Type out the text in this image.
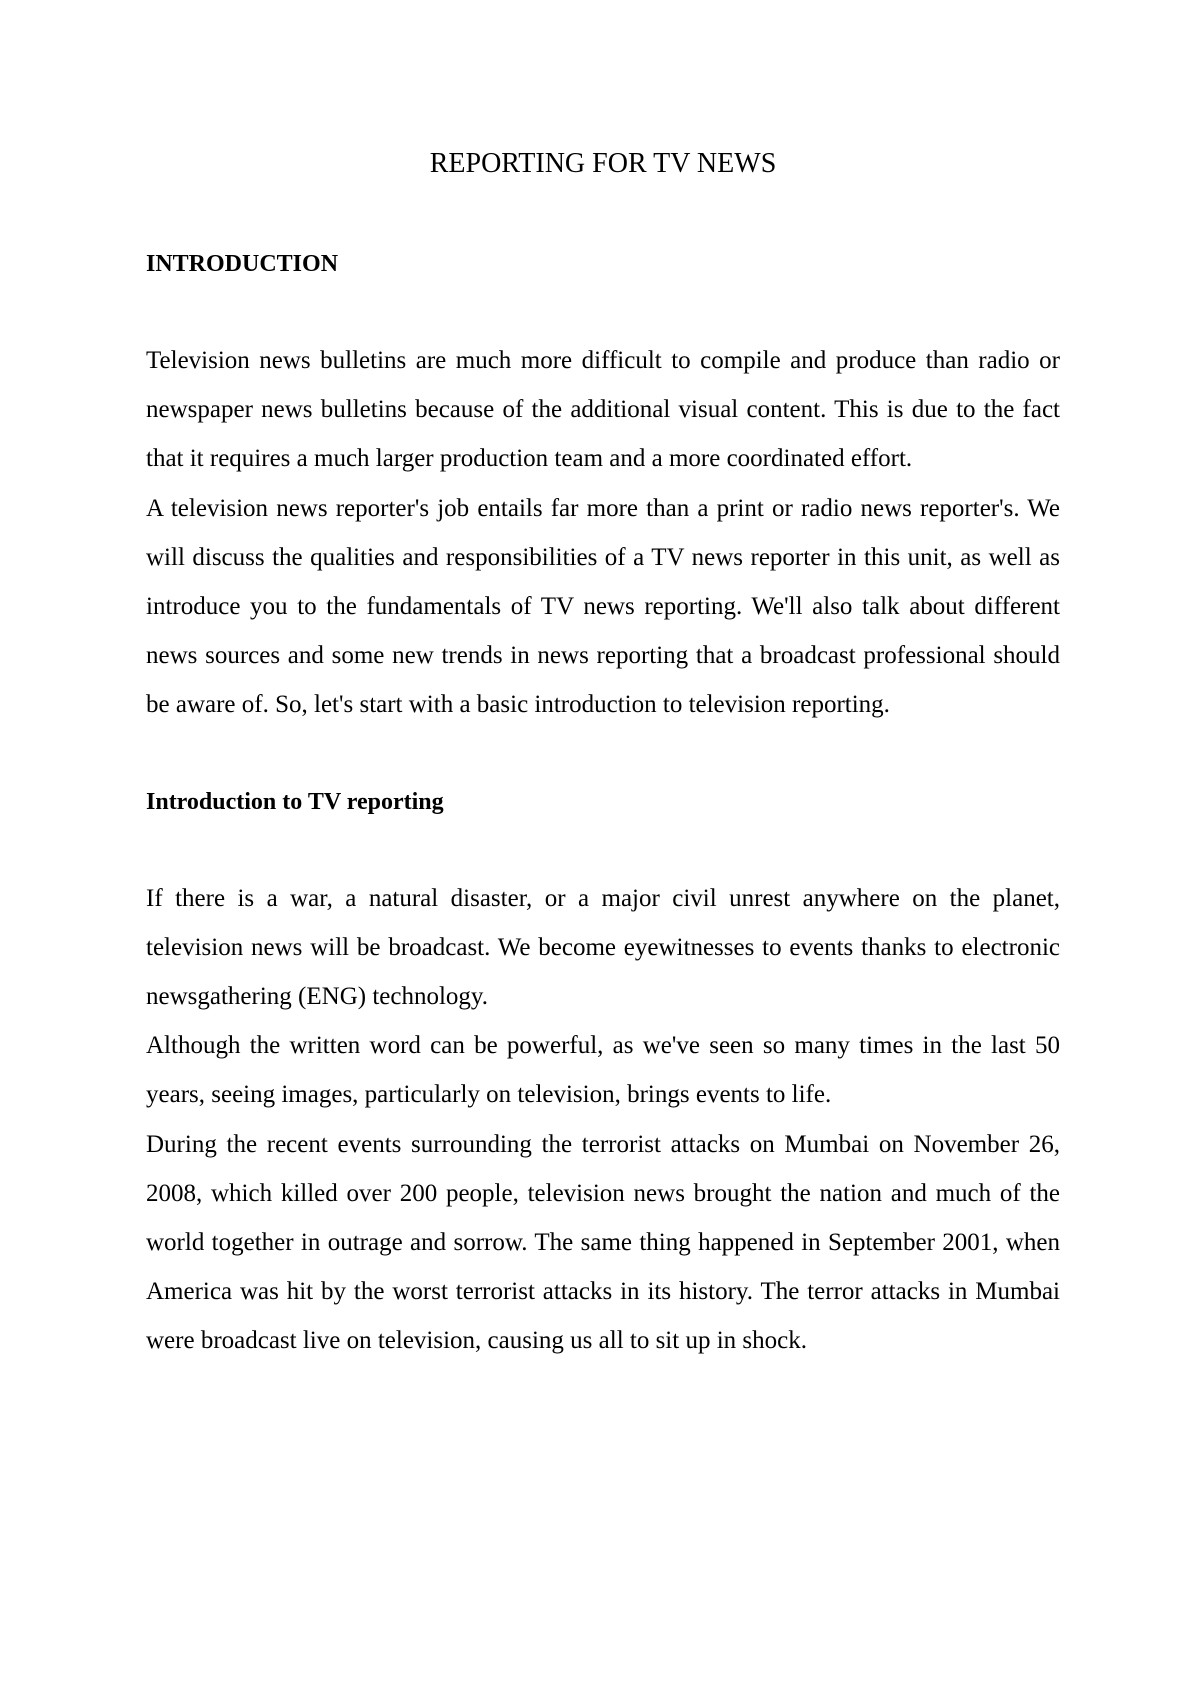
REPORTING FOR TV NEWS
INTRODUCTION

Television news bulletins are much more difficult to compile and produce than radio or newspaper news bulletins because of the additional visual content. This is due to the fact that it requires a much larger production team and a more coordinated effort.

A television news reporter's job entails far more than a print or radio news reporter's. We will discuss the qualities and responsibilities of a TV news reporter in this unit, as well as introduce you to the fundamentals of TV news reporting. We'll also talk about different news sources and some new trends in news reporting that a broadcast professional should be aware of. So, let's start with a basic introduction to television reporting.

Introduction to TV reporting

If there is a war, a natural disaster, or a major civil unrest anywhere on the planet, television news will be broadcast. We become eyewitnesses to events thanks to electronic newsgathering (ENG) technology.

Although the written word can be powerful, as we've seen so many times in the last 50 years, seeing images, particularly on television, brings events to life.

During the recent events surrounding the terrorist attacks on Mumbai on November 26, 2008, which killed over 200 people, television news brought the nation and much of the world together in outrage and sorrow. The same thing happened in September 2001, when America was hit by the worst terrorist attacks in its history. The terror attacks in Mumbai were broadcast live on television, causing us all to sit up in shock.
